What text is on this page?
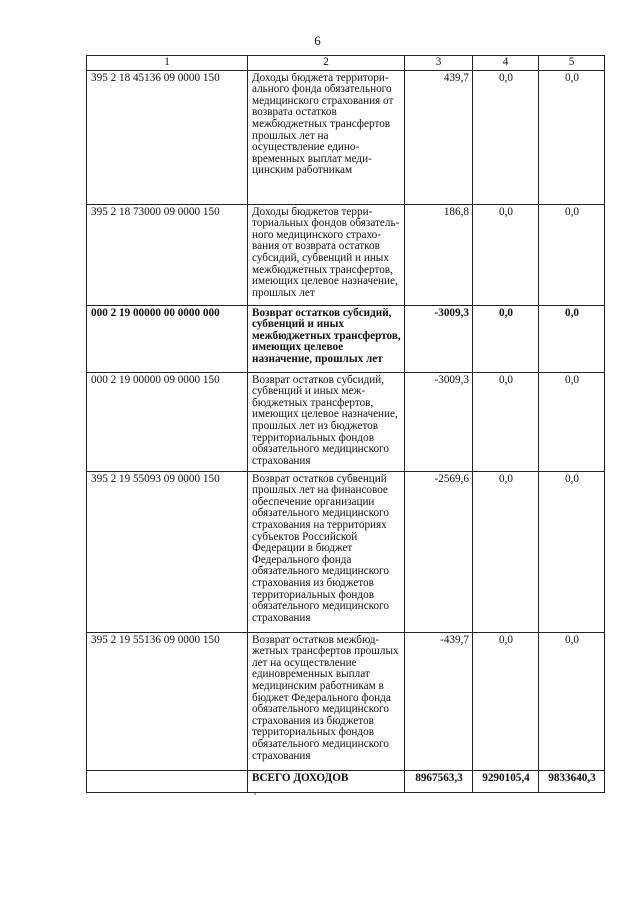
6
1	2	3	4	5
395 2 18 45136 09 0000 150	Доходы бюджета территориального фонда обязательного медицинского страхования от возврата остатков межбюджетных трансфертов прошлых лет на осуществление единовременных выплат медицинским работникам	439,7	0,0	0,0
395 2 18 73000 09 0000 150	Доходы бюджетов территориальных фондов обязательного медицинского страхования от возврата остатков субсидий, субвенций и иных межбюджетных трансфертов, имеющих целевое назначение, прошлых лет	186,8	0,0	0,0
000 2 19 00000 00 0000 000	Возврат остатков субсидий, субвенций и иных межбюджетных трансфертов, имеющих целевое назначение, прошлых лет	-3009,3	0,0	0,0
000 2 19 00000 09 0000 150	Возврат остатков субсидий, субвенций и иных межбюджетных трансфертов, имеющих целевое назначение, прошлых лет из бюджетов территориальных фондов обязательного медицинского страхования	-3009,3	0,0	0,0
395 2 19 55093 09 0000 150	Возврат остатков субвенций прошлых лет на финансовое обеспечение организации обязательного медицинского страхования на территориях субъектов Российской Федерации в бюджет Федерального фонда обязательного медицинского страхования из бюджетов территориальных фондов обязательного медицинского страхования	-2569,6	0,0	0,0
395 2 19 55136 09 0000 150	Возврат остатков межбюджетных трансфертов прошлых лет на осуществление единовременных выплат медицинским работникам в бюджет Федерального фонда обязательного медицинского страхования из бюджетов территориальных фондов обязательного медицинского страхования	-439,7	0,0	0,0
	ВСЕГО ДОХОДОВ	8967563,3	9290105,4	9833640,3
